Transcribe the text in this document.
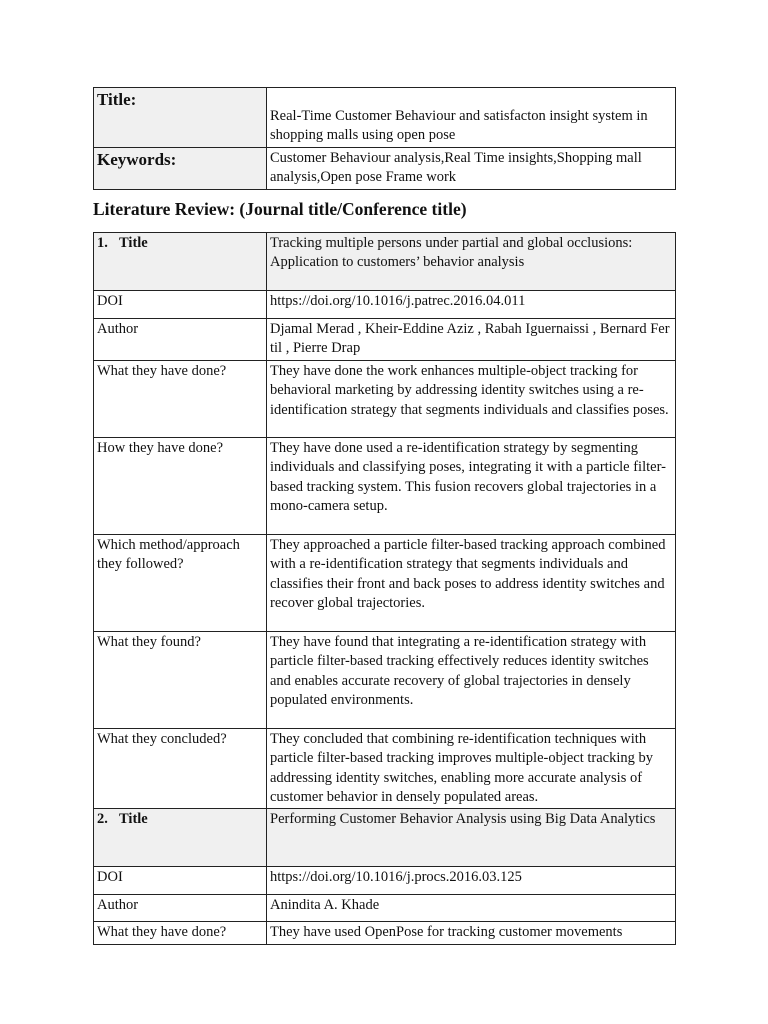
Title:	Real-Time Customer Behaviour and satisfacton insight system in shopping malls using open pose
Keywords:	Customer Behaviour analysis,Real Time insights,Shopping mall analysis,Open pose Frame work
Literature Review: (Journal title/Conference title)
1. Title	Tracking multiple persons under partial and global occlusions: Application to customers’ behavior analysis
DOI	https://doi.org/10.1016/j.patrec.2016.04.011
Author	Djamal Merad , Kheir-Eddine Aziz , Rabah Iguernaissi , Bernard Fertil , Pierre Drap
What they have done?	They have done the work enhances multiple-object tracking for behavioral marketing by addressing identity switches using a re-identification strategy that segments individuals and classifies poses.
How they have done?	They have done used a re-identification strategy by segmenting individuals and classifying poses, integrating it with a particle filter-based tracking system. This fusion recovers global trajectories in a mono-camera setup.
Which method/approach they followed?	They approached a particle filter-based tracking approach combined with a re-identification strategy that segments individuals and classifies their front and back poses to address identity switches and recover global trajectories.
What they found?	They have found that integrating a re-identification strategy with particle filter-based tracking effectively reduces identity switches and enables accurate recovery of global trajectories in densely populated environments.
What they concluded?	They concluded that combining re-identification techniques with particle filter-based tracking improves multiple-object tracking by addressing identity switches, enabling more accurate analysis of customer behavior in densely populated areas.
2. Title	Performing Customer Behavior Analysis using Big Data Analytics
DOI	https://doi.org/10.1016/j.procs.2016.03.125
Author	Anindita A. Khade
What they have done?	They have used OpenPose for tracking customer movements
